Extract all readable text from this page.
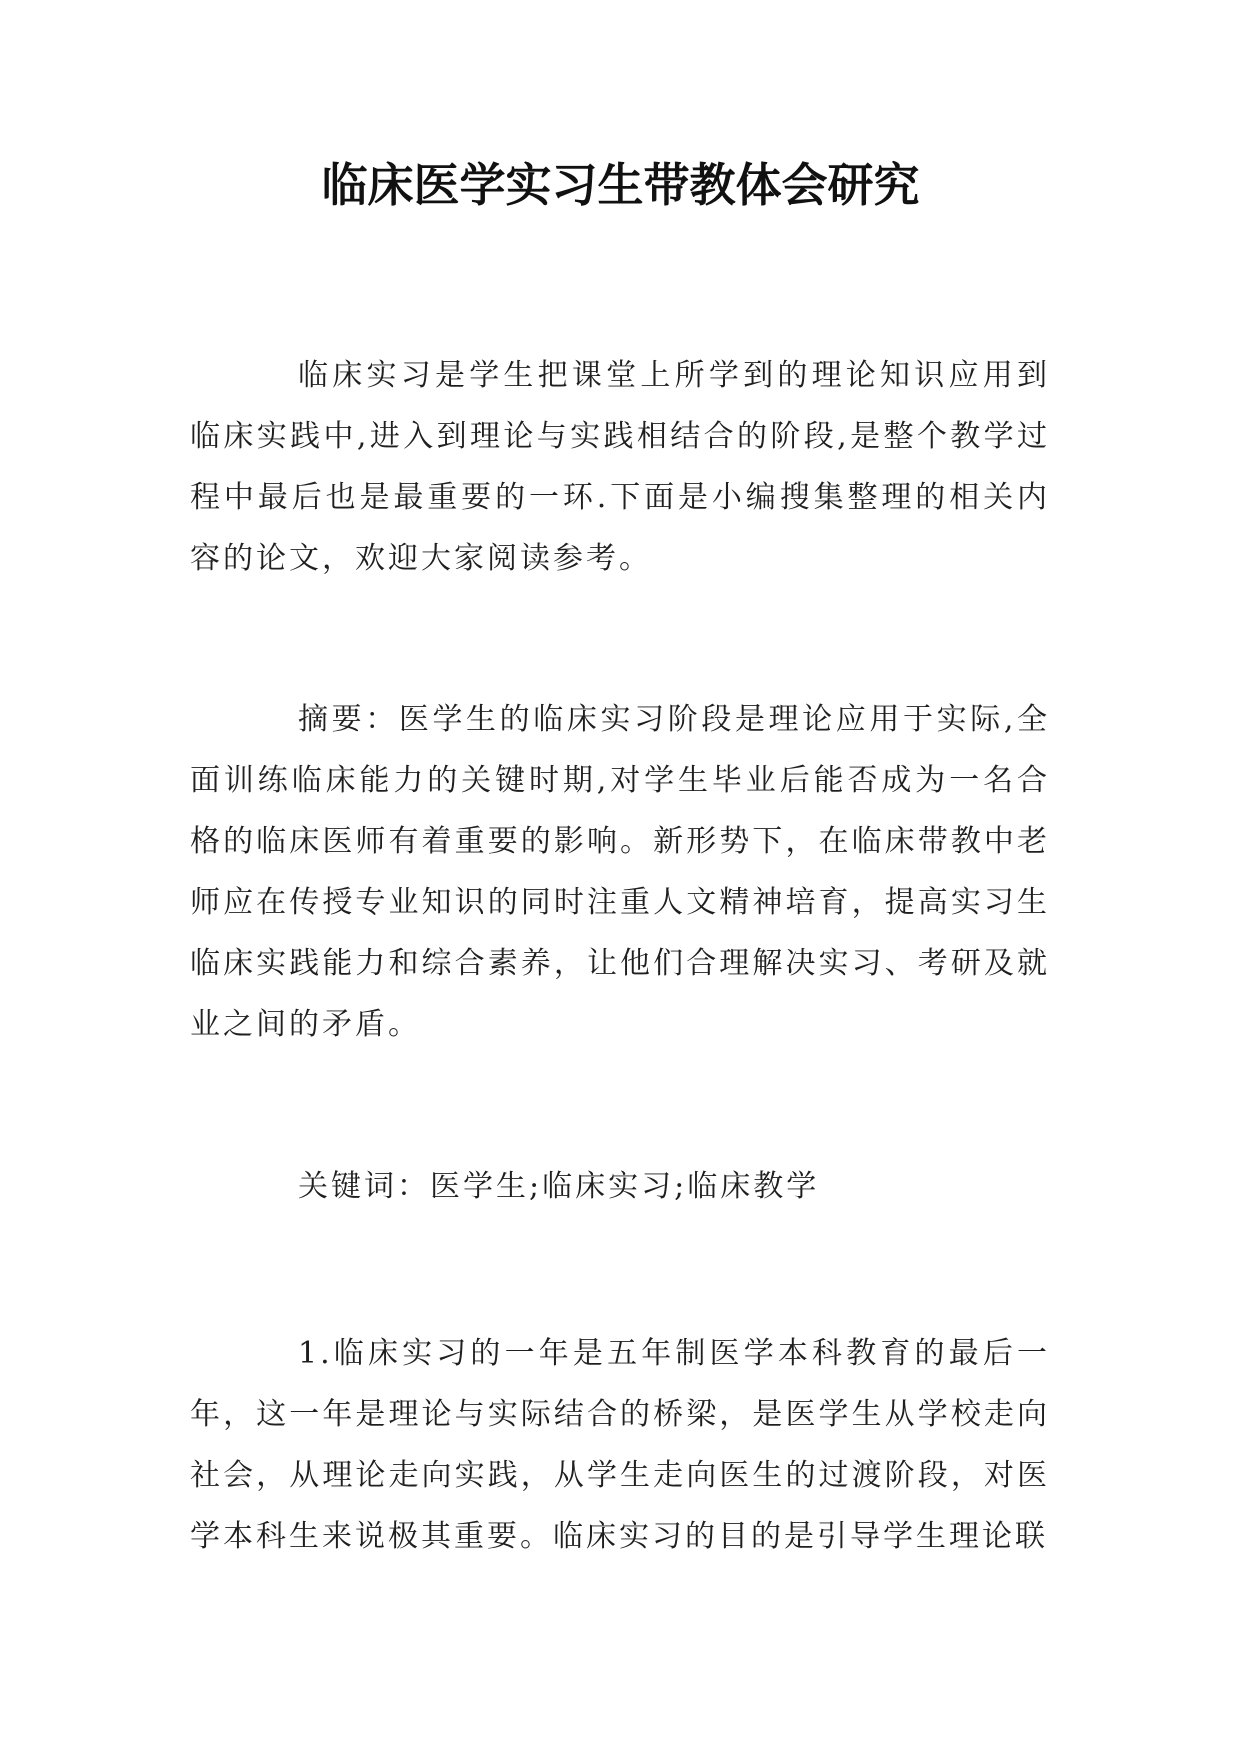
临床医学实习生带教体会研究

临床实习是学生把课堂上所学到的理论知识应用到临床实践中,进入到理论与实践相结合的阶段,是整个教学过程中最后也是最重要的一环.下面是小编搜集整理的相关内容的论文，欢迎大家阅读参考。

摘要：医学生的临床实习阶段是理论应用于实际,全面训练临床能力的关键时期,对学生毕业后能否成为一名合格的临床医师有着重要的影响。新形势下，在临床带教中老师应在传授专业知识的同时注重人文精神培育，提高实习生临床实践能力和综合素养，让他们合理解决实习、考研及就业之间的矛盾。

关键词：医学生;临床实习;临床教学

1.临床实习的一年是五年制医学本科教育的最后一年，这一年是理论与实际结合的桥梁，是医学生从学校走向社会，从理论走向实践，从学生走向医生的过渡阶段，对医学本科生来说极其重要。临床实习的目的是引导学生理论联
